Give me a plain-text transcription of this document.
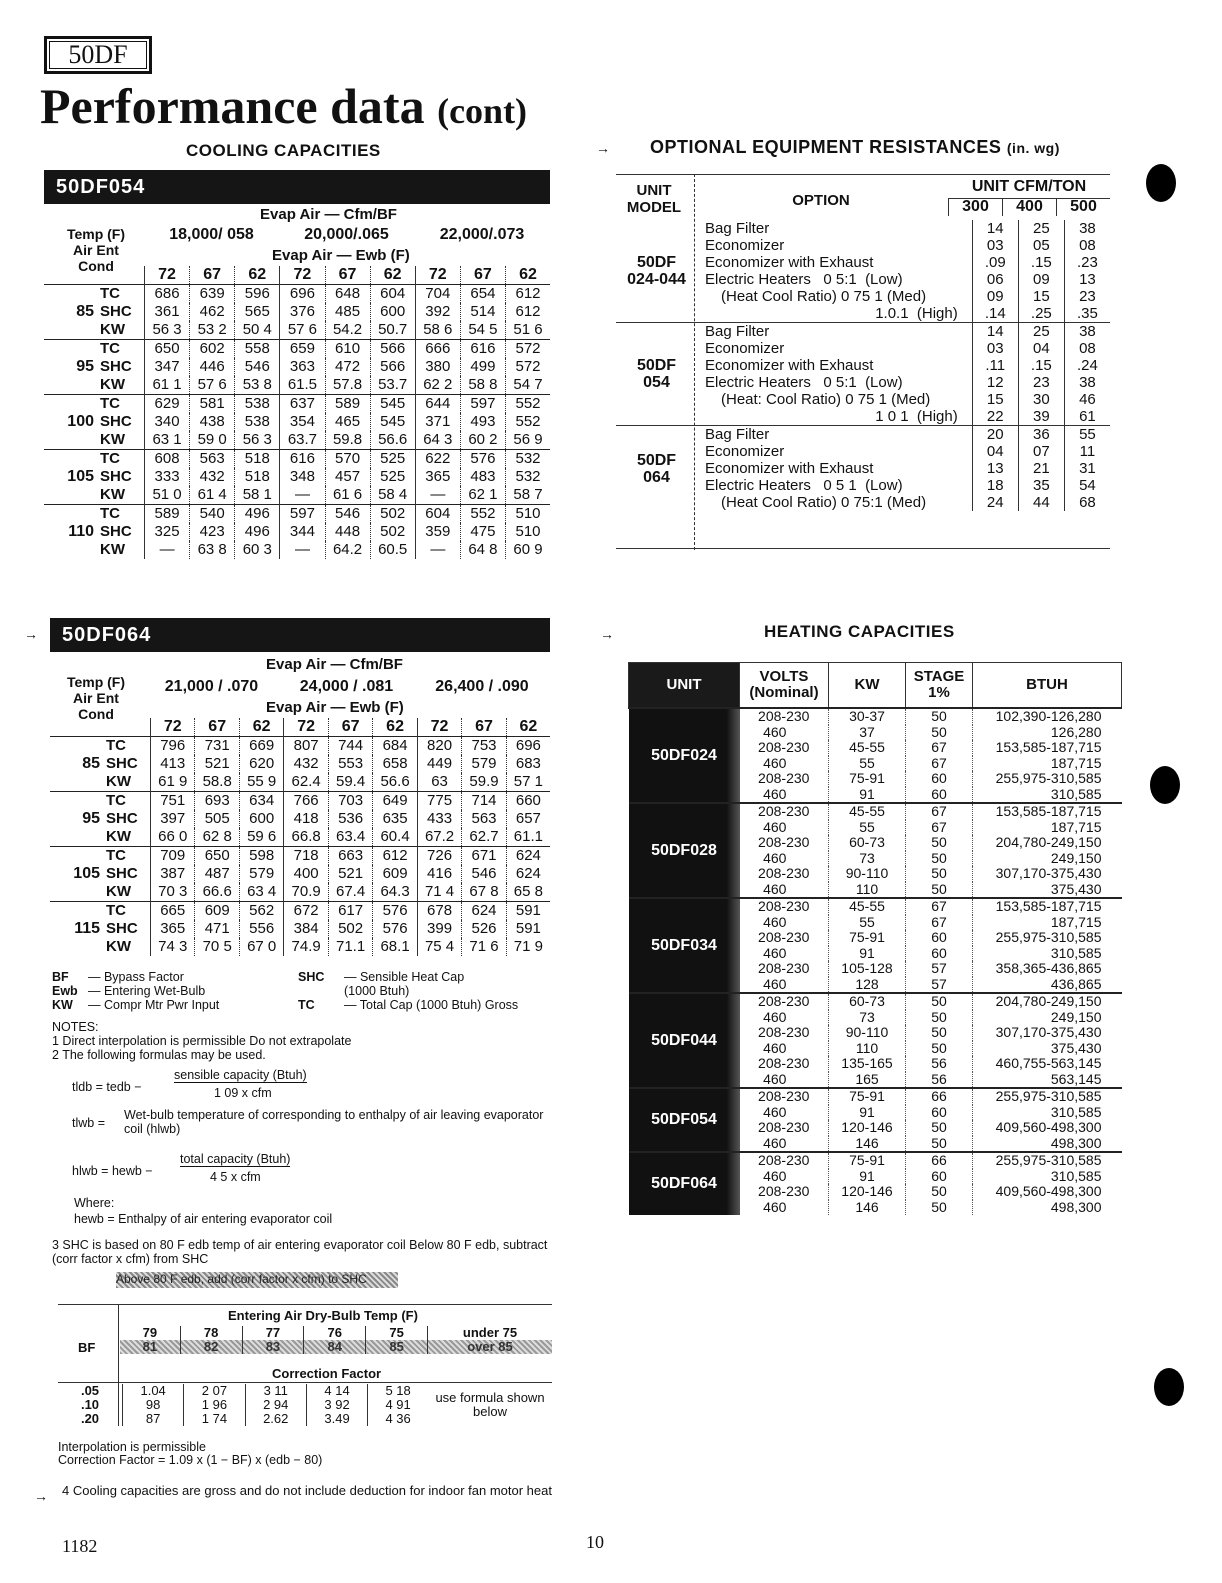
50DF
Performance data (cont)
COOLING CAPACITIES
50DF054
Temp (F)
Air Ent
Cond
Evap Air — Cfm/BF
18,000/ 058	20,000/.065	22,000/.073
Evap Air — Ewb (F)
		72	67	62	72	67	62	72	67	62
85	TC	686	639	596	696	648	604	704	654	612
	SHC	361	462	565	376	485	600	392	514	612
	KW	56 3	53 2	50 4	57 6	54.2	50.7	58 6	54 5	51 6
95	TC	650	602	558	659	610	566	666	616	572
	SHC	347	446	546	363	472	566	380	499	572
	KW	61 1	57 6	53 8	61.5	57.8	53.7	62 2	58 8	54 7
100	TC	629	581	538	637	589	545	644	597	552
	SHC	340	438	538	354	465	545	371	493	552
	KW	63 1	59 0	56 3	63.7	59.8	56.6	64 3	60 2	56 9
105	TC	608	563	518	616	570	525	622	576	532
	SHC	333	432	518	348	457	525	365	483	532
	KW	51 0	61 4	58 1	—	61 6	58 4	—	62 1	58 7
110	TC	589	540	496	597	546	502	604	552	510
	SHC	325	423	496	344	448	502	359	475	510
	KW	—	63 8	60 3	—	64.2	60.5	—	64 8	60 9
50DF064
Temp (F)
Air Ent
Cond
Evap Air — Cfm/BF
21,000 / .070	24,000 / .081	26,400 / .090
Evap Air — Ewb (F)
		72	67	62	72	67	62	72	67	62
85	TC	796	731	669	807	744	684	820	753	696
	SHC	413	521	620	432	553	658	449	579	683
	KW	61 9	58.8	55 9	62.4	59.4	56.6	63	59.9	57 1
95	TC	751	693	634	766	703	649	775	714	660
	SHC	397	505	600	418	536	635	433	563	657
	KW	66 0	62 8	59 6	66.8	63.4	60.4	67.2	62.7	61.1
105	TC	709	650	598	718	663	612	726	671	624
	SHC	387	487	579	400	521	609	416	546	624
	KW	70 3	66.6	63 4	70.9	67.4	64.3	71 4	67 8	65 8
115	TC	665	609	562	672	617	576	678	624	591
	SHC	365	471	556	384	502	576	399	526	591
	KW	74 3	70 5	67 0	74.9	71.1	68.1	75 4	71 6	71 9
→
BF	— Bypass Factor	SHC	— Sensible Heat Cap
Ewb — Entering Wet-Bulb	(1000 Btuh)
KW	— Compr Mtr Pwr Input	TC	— Total Cap (1000 Btuh) Gross
NOTES:
1 Direct interpolation is permissible Do not extrapolate
2 The following formulas may be used.
tldb = tedb −
sensible capacity (Btuh)
1 09 x cfm
tlwb =
Wet-bulb temperature of corresponding to enthalpy of air leaving evaporator coil (hlwb)
hlwb = hewb −
total capacity (Btuh)
4 5 x cfm
Where:
hewb = Enthalpy of air entering evaporator coil
3 SHC is based on 80 F edb temp of air entering evaporator coil Below 80 F edb, subtract (corr factor x cfm) from SHC
Above 80 F edb, add (corr factor x cfm) to SHC
Entering Air Dry-Bulb Temp (F)
BF
79	78	77	76	75	under 75
81	82	83	84	85	over 85
Correction Factor
.05	1.04	2 07	3 11	4 14	5 18	use formula shown below
.10	98	1 96	2 94	3 92	4 91	
.20	87	1 74	2.62	3.49	4 36	
Interpolation is permissible
Correction Factor = 1.09 x (1 − BF) x (edb − 80)
→ 4 Cooling capacities are gross and do not include deduction for indoor fan motor heat
1182	10
→ OPTIONAL EQUIPMENT RESISTANCES (in. wg)
UNIT MODEL	OPTION
UNIT CFM/TON
300	400	500
50DF 024-044	Bag Filter	14	25	38
	Economizer	03	05	08
	Economizer with Exhaust	.09	.15	.23
	Electric Heaters   0 5:1  (Low)	06	09	13
	(Heat Cool Ratio) 0 75 1 (Med)	09	15	23
	1.0.1  (High)	.14	.25	.35
50DF 054	Bag Filter	14	25	38
	Economizer	03	04	08
	Economizer with Exhaust	.11	.15	.24
	Electric Heaters   0 5:1  (Low)	12	23	38
	(Heat: Cool Ratio) 0 75 1 (Med)	15	30	46
	1 0 1  (High)	22	39	61
50DF 064	Bag Filter	20	36	55
	Economizer	04	07	11
	Economizer with Exhaust	13	21	31
	Electric Heaters   0 5 1  (Low)	18	35	54
	(Heat Cool Ratio) 0 75:1 (Med)	24	44	68
→	HEATING CAPACITIES
UNIT	VOLTS (Nominal)	KW	STAGE 1%	BTUH
50DF024	208-230	30-37	50	102,390-126,280
	460	37	50	126,280
	208-230	45-55	67	153,585-187,715
	460	55	67	187,715
	208-230	75-91	60	255,975-310,585
	460	91	60	310,585
50DF028	208-230	45-55	67	153,585-187,715
	460	55	67	187,715
	208-230	60-73	50	204,780-249,150
	460	73	50	249,150
	208-230	90-110	50	307,170-375,430
	460	110	50	375,430
50DF034	208-230	45-55	67	153,585-187,715
	460	55	67	187,715
	208-230	75-91	60	255,975-310,585
	460	91	60	310,585
	208-230	105-128	57	358,365-436,865
	460	128	57	436,865
50DF044	208-230	60-73	50	204,780-249,150
	460	73	50	249,150
	208-230	90-110	50	307,170-375,430
	460	110	50	375,430
	208-230	135-165	56	460,755-563,145
	460	165	56	563,145
50DF054	208-230	75-91	66	255,975-310,585
	460	91	60	310,585
	208-230	120-146	50	409,560-498,300
	460	146	50	498,300
50DF064	208-230	75-91	66	255,975-310,585
	460	91	60	310,585
	208-230	120-146	50	409,560-498,300
	460	146	50	498,300
